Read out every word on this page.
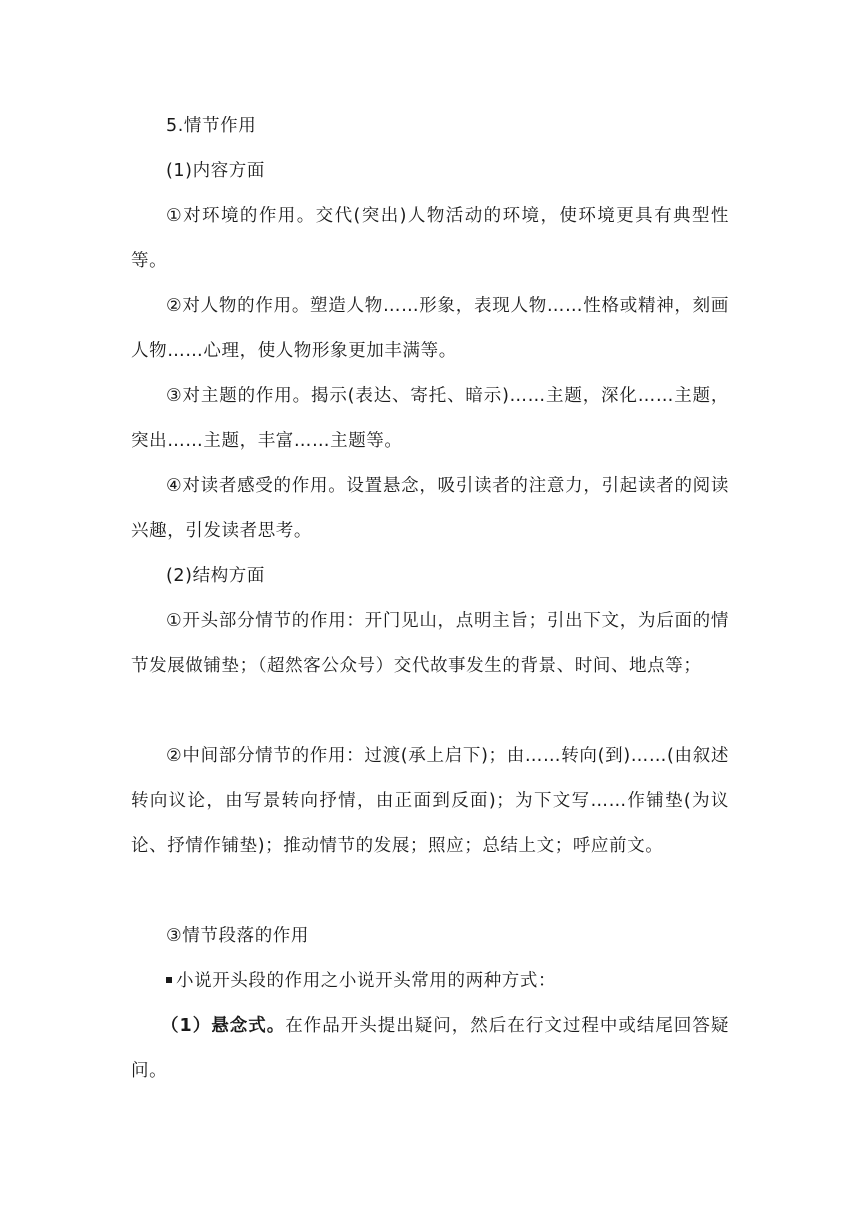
5.情节作用

(1)内容方面

①对环境的作用。交代(突出)人物活动的环境，使环境更具有典型性等。

②对人物的作用。塑造人物……形象，表现人物……性格或精神，刻画人物……心理，使人物形象更加丰满等。

③对主题的作用。揭示(表达、寄托、暗示)……主题，深化……主题，突出……主题，丰富……主题等。

④对读者感受的作用。设置悬念，吸引读者的注意力，引起读者的阅读兴趣，引发读者思考。

(2)结构方面

①开头部分情节的作用：开门见山，点明主旨；引出下文，为后面的情节发展做铺垫；（超然客公众号）交代故事发生的背景、时间、地点等；

②中间部分情节的作用：过渡(承上启下)；由……转向(到)……(由叙述转向议论，由写景转向抒情，由正面到反面)；为下文写……作铺垫(为议论、抒情作铺垫)；推动情节的发展；照应；总结上文；呼应前文。

③情节段落的作用

小说开头段的作用之小说开头常用的两种方式：

（1）悬念式。在作品开头提出疑问，然后在行文过程中或结尾回答疑问。
